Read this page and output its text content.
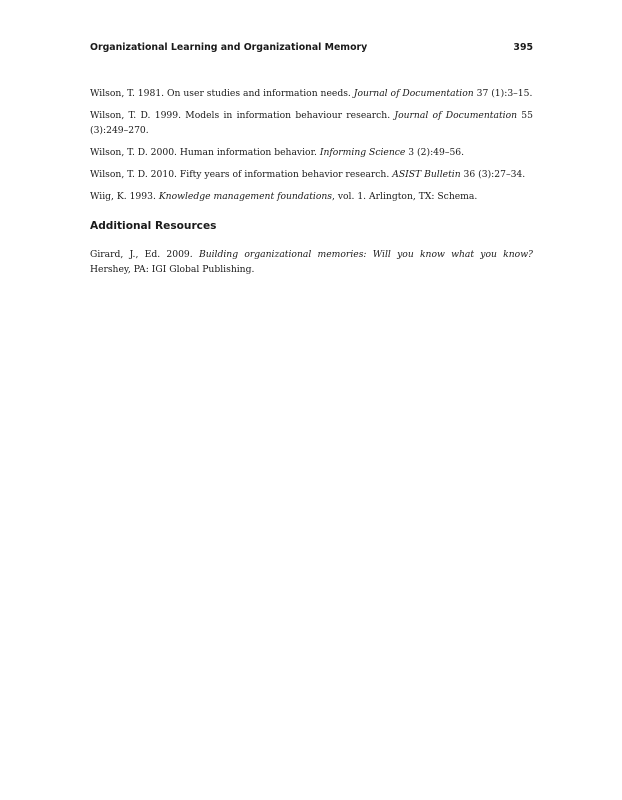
Organizational Learning and Organizational Memory	395

Wilson, T. 1981. On user studies and information needs. Journal of Documentation 37 (1):3–15.

Wilson, T. D. 1999. Models in information behaviour research. Journal of Documentation 55 (3):249–270.

Wilson, T. D. 2000. Human information behavior. Informing Science 3 (2):49–56.

Wilson, T. D. 2010. Fifty years of information behavior research. ASIST Bulletin 36 (3):27–34.

Wiig, K. 1993. Knowledge management foundations, vol. 1. Arlington, TX: Schema.

Additional Resources

Girard, J., Ed. 2009. Building organizational memories: Will you know what you know? Hershey, PA: IGI Global Publishing.
